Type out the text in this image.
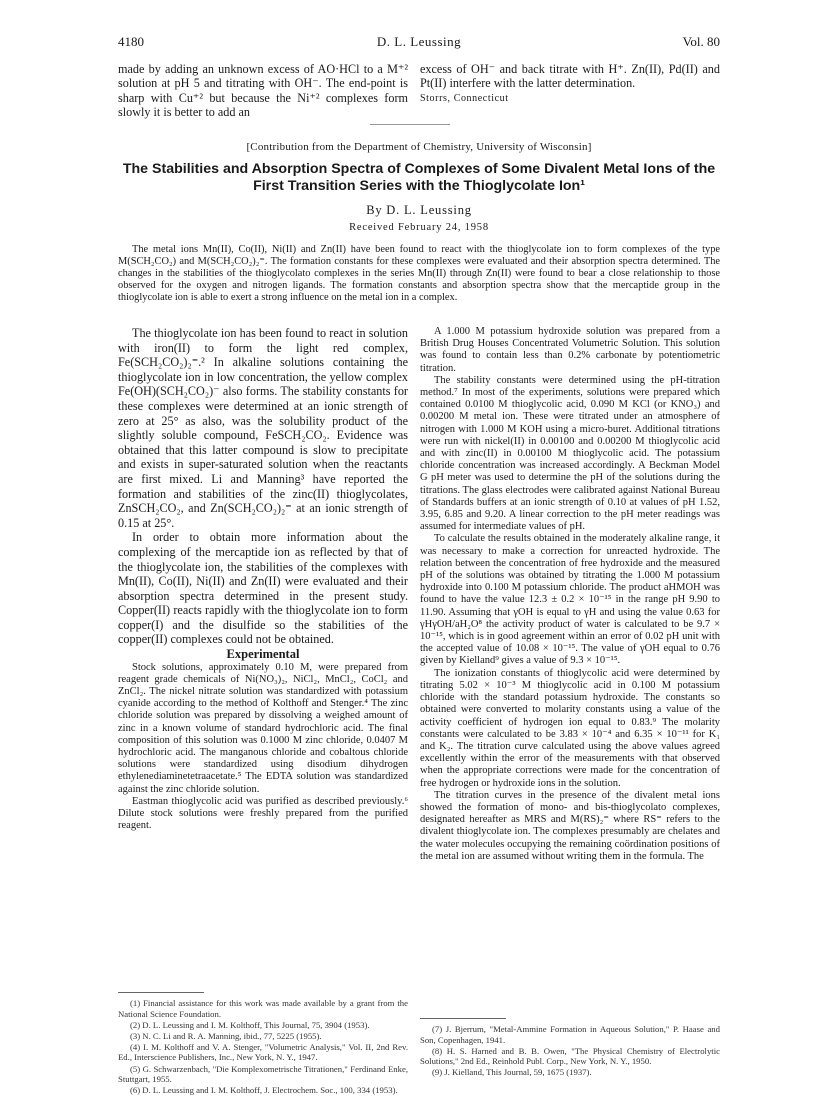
4180	D. L. Leussing	Vol. 80

made by adding an unknown excess of AO·HCl to a M⁺² solution at pH 5 and titrating with OH⁻. The end-point is sharp with Cu⁺² but because the Ni⁺² complexes form slowly it is better to add an

excess of OH⁻ and back titrate with H⁺. Zn(II), Pd(II) and Pt(II) interfere with the latter determination.

Storrs, Connecticut
[Contribution from the Department of Chemistry, University of Wisconsin]
The Stabilities and Absorption Spectra of Complexes of Some Divalent Metal Ions of the First Transition Series with the Thioglycolate Ion¹
By D. L. Leussing
Received February 24, 1958
The metal ions Mn(II), Co(II), Ni(II) and Zn(II) have been found to react with the thioglycolate ion to form complexes of the type M(SCH₂CO₂) and M(SCH₂CO₂)₂⁼. The formation constants for these complexes were evaluated and their absorption spectra determined. The changes in the stabilities of the thioglycolato complexes in the series Mn(II) through Zn(II) were found to bear a close relationship to those observed for the oxygen and nitrogen ligands. The formation constants and absorption spectra show that the mercaptide group in the thioglycolate ion is able to exert a strong influence on the metal ion in a complex.

The thioglycolate ion has been found to react in solution with iron(II) to form the light red complex, Fe(SCH₂CO₂)₂⁼.² In alkaline solutions containing the thioglycolate ion in low concentration, the yellow complex Fe(OH)(SCH₂CO₂)⁻ also forms. The stability constants for these complexes were determined at an ionic strength of zero at 25° as also, was the solubility product of the slightly soluble compound, FeSCH₂CO₂. Evidence was obtained that this latter compound is slow to precipitate and exists in super-saturated solution when the reactants are first mixed. Li and Manning³ have reported the formation and stabilities of the zinc(II) thioglycolates, ZnSCH₂CO₂, and Zn(SCH₂CO₂)₂⁼ at an ionic strength of 0.15 at 25°.

In order to obtain more information about the complexing of the mercaptide ion as reflected by that of the thioglycolate ion, the stabilities of the complexes with Mn(II), Co(II), Ni(II) and Zn(II) were evaluated and their absorption spectra determined in the present study. Copper(II) reacts rapidly with the thioglycolate ion to form copper(I) and the disulfide so the stabilities of the copper(II) complexes could not be obtained.

Experimental

Stock solutions, approximately 0.10 M, were prepared from reagent grade chemicals of Ni(NO₃)₂, NiCl₂, MnCl₂, CoCl₂ and ZnCl₂. The nickel nitrate solution was standardized with potassium cyanide according to the method of Kolthoff and Stenger.⁴ The zinc chloride solution was prepared by dissolving a weighed amount of zinc in a known volume of standard hydrochloric acid. The final composition of this solution was 0.1000 M zinc chloride, 0.0407 M hydrochloric acid. The manganous chloride and cobaltous chloride solutions were standardized using disodium dihydrogen ethylenediaminetetraacetate.⁵ The EDTA solution was standardized against the zinc chloride solution.

Eastman thioglycolic acid was purified as described previously.⁶ Dilute stock solutions were freshly prepared from the purified reagent.

(1) Financial assistance for this work was made available by a grant from the National Science Foundation.

(2) D. L. Leussing and I. M. Kolthoff, This Journal, 75, 3904 (1953).

(3) N. C. Li and R. A. Manning, ibid., 77, 5225 (1955).

(4) I. M. Kolthoff and V. A. Stenger, "Volumetric Analysis," Vol. II, 2nd Rev. Ed., Interscience Publishers, Inc., New York, N. Y., 1947.

(5) G. Schwarzenbach, "Die Komplexometrische Titrationen," Ferdinand Enke, Stuttgart, 1955.

(6) D. L. Leussing and I. M. Kolthoff, J. Electrochem. Soc., 100, 334 (1953).

A 1.000 M potassium hydroxide solution was prepared from a British Drug Houses Concentrated Volumetric Solution. This solution was found to contain less than 0.2% carbonate by potentiometric titration.

The stability constants were determined using the pH-titration method.⁷ In most of the experiments, solutions were prepared which contained 0.0100 M thioglycolic acid, 0.090 M KCl (or KNO₃) and 0.00200 M metal ion. These were titrated under an atmosphere of nitrogen with 1.000 M KOH using a micro-buret. Additional titrations were run with nickel(II) in 0.00100 and 0.00200 M thioglycolic acid and with zinc(II) in 0.00100 M thioglycolic acid. The potassium chloride concentration was increased accordingly. A Beckman Model G pH meter was used to determine the pH of the solutions during the titrations. The glass electrodes were calibrated against National Bureau of Standards buffers at an ionic strength of 0.10 at values of pH 1.52, 3.95, 6.85 and 9.20. A linear correction to the pH meter readings was assumed for intermediate values of pH.

To calculate the results obtained in the moderately alkaline range, it was necessary to make a correction for unreacted hydroxide. The relation between the concentration of free hydroxide and the measured pH of the solutions was obtained by titrating the 1.000 M potassium hydroxide into 0.100 M potassium chloride. The product aHMOH was found to have the value 12.3 ± 0.2 × 10⁻¹⁵ in the range pH 9.90 to 11.90. Assuming that γOH is equal to γH and using the value 0.63 for γHγOH/aH₂O⁸ the activity product of water is calculated to be 9.7 × 10⁻¹⁵, which is in good agreement within an error of 0.02 pH unit with the accepted value of 10.08 × 10⁻¹⁵. The value of γOH equal to 0.76 given by Kielland⁹ gives a value of 9.3 × 10⁻¹⁵.

The ionization constants of thioglycolic acid were determined by titrating 5.02 × 10⁻³ M thioglycolic acid in 0.100 M potassium chloride with the standard potassium hydroxide. The constants so obtained were converted to molarity constants using a value of the activity coefficient of hydrogen ion equal to 0.83.⁹ The molarity constants were calculated to be 3.83 × 10⁻⁴ and 6.35 × 10⁻¹¹ for K₁ and K₂. The titration curve calculated using the above values agreed excellently within the error of the measurements with that observed when the appropriate corrections were made for the concentration of free hydrogen or hydroxide ions in the solution.

The titration curves in the presence of the divalent metal ions showed the formation of mono- and bis-thioglycolato complexes, designated hereafter as MRS and M(RS)₂⁼ where RS⁼ refers to the divalent thioglycolate ion. The complexes presumably are chelates and the water molecules occupying the remaining coördination positions of the metal ion are assumed without writing them in the formula. The

(7) J. Bjerrum, "Metal-Ammine Formation in Aqueous Solution," P. Haase and Son, Copenhagen, 1941.

(8) H. S. Harned and B. B. Owen, "The Physical Chemistry of Electrolytic Solutions," 2nd Ed., Reinhold Publ. Corp., New York, N. Y., 1950.

(9) J. Kielland, This Journal, 59, 1675 (1937).
